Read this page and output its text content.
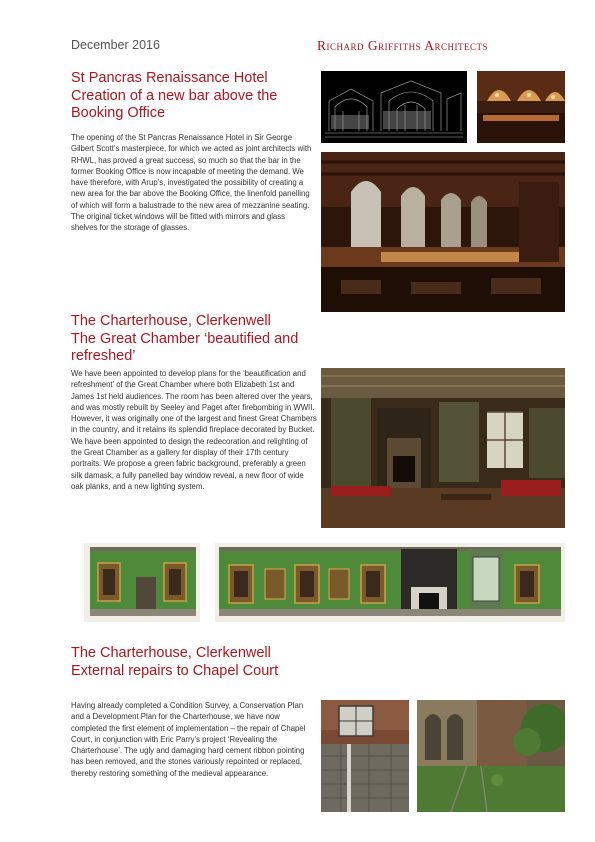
December 2016	Richard Griffiths Architects
St Pancras Renaissance Hotel
Creation of a new bar above the
Booking Office
The opening of the St Pancras Renaissance Hotel in Sir George Gilbert Scott’s masterpiece, for which we acted as joint architects with RHWL, has proved a great success, so much so that the bar in the former Booking Office is now incapable of meeting the demand. We have therefore, with Arup’s, investigated the possibility of creating a new area for the bar above the Booking Office, the linenfold panelling of which will form a balustrade to the new area of mezzanine seating. The original ticket windows will be fitted with mirrors and glass shelves for the storage of glasses.
The Charterhouse, Clerkenwell
The Great Chamber ‘beautified and refreshed’
We have been appointed to develop plans for the ‘beautification and refreshment’ of the Great Chamber where both Elizabeth 1st and James 1st held audiences. The room has been altered over the years, and was mostly rebuilt by Seeley and Paget after firebombing in WWII. However, it was originally one of the largest and finest Great Chambers in the country, and it retains its splendid fireplace decorated by Bucket. We have been appointed to design the redecoration and relighting of the Great Chamber as a gallery for display of their 17th century portraits. We propose a green fabric background, preferably a green silk damask, a fully panelled bay window reveal, a new floor of wide oak planks, and a new lighting system.
The Charterhouse, Clerkenwell
External repairs to Chapel Court
Having already completed a Condition Survey, a Conservation Plan and a Development Plan for the Charterhouse, we have now completed the first element of implementation – the repair of Chapel Court, in conjunction with Eric Parry’s project ‘Revealing the Charterhouse’. The ugly and damaging hard cement ribbon pointing has been removed, and the stones variously repointed or replaced, thereby restoring something of the medieval appearance.
